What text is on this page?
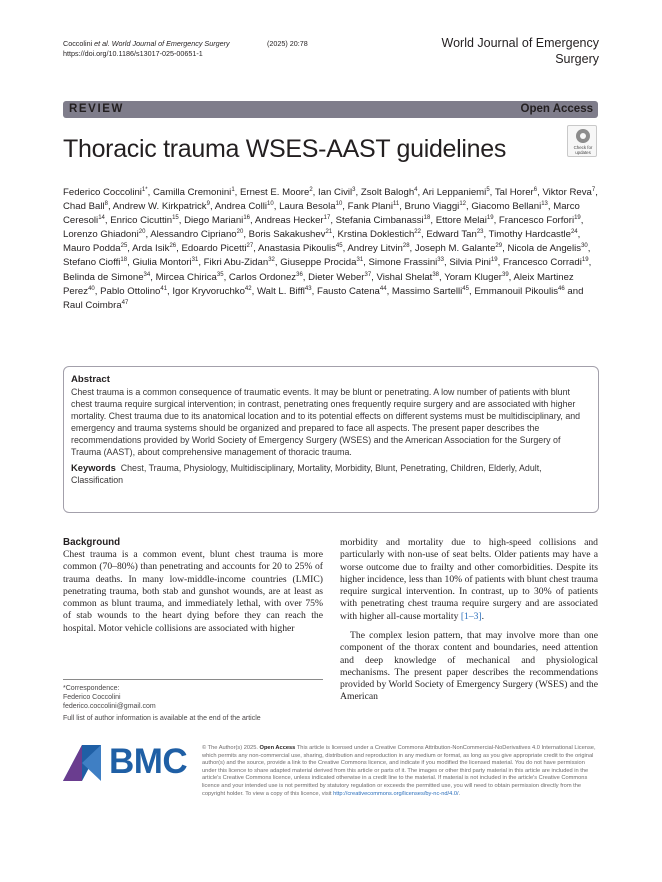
Coccolini et al. World Journal of Emergency Surgery
https://doi.org/10.1186/s13017-025-00651-1
(2025) 20:78	World Journal of Emergency
Surgery
REVIEW	Open Access
Thoracic trauma WSES-AAST guidelines	Check for
updates
Federico Coccolini$^{1*}$, Camilla Cremonini$^1$, Ernest E. Moore$^2$, Ian Civil$^3$, Zsolt Balogh$^4$, Ari Leppaniemi$^5$, Tal Horer$^6$, Viktor Reva$^7$, Chad Ball$^8$, Andrew W. Kirkpatrick$^9$, Andrea Colli$^{10}$, Laura Besola$^{10}$, Fank Plani$^{11}$, Bruno Viaggi$^{12}$, Giacomo Bellani$^{13}$, Marco Ceresoli$^{14}$, Enrico Cicuttin$^{15}$, Diego Mariani$^{16}$, Andreas Hecker$^{17}$, Stefania Cimbanassi$^{18}$, Ettore Melai$^{19}$, Francesco Forfori$^{19}$, Lorenzo Ghiadoni$^{20}$, Alessandro Cipriano$^{20}$, Boris Sakakushev$^{21}$, Krstina Doklestich$^{22}$, Edward Tan$^{23}$, Timothy Hardcastle$^{24}$, Mauro Podda$^{25}$, Arda Isik$^{26}$, Edoardo Picetti$^{27}$, Anastasia Pikoulis$^{45}$, Andrey Litvin$^{28}$, Joseph M. Galante$^{29}$, Nicola de Angelis$^{30}$, Stefano Cioffi$^{18}$, Giulia Montori$^{31}$, Fikri Abu-Zidan$^{32}$, Giuseppe Procida$^{31}$, Simone Frassini$^{33}$, Silvia Pini$^{19}$, Francesco Corradi$^{19}$, Belinda de Simone$^{34}$, Mircea Chirica$^{35}$, Carlos Ordonez$^{36}$, Dieter Weber$^{37}$, Vishal Shelat$^{38}$, Yoram Kluger$^{39}$, Aleix Martinez Perez$^{40}$, Pablo Ottolino$^{41}$, Igor Kryvoruchko$^{42}$, Walt L. Biffl$^{43}$, Fausto Catena$^{44}$, Massimo Sartelli$^{45}$, Emmanouil Pikoulis$^{46}$ and Raul Coimbra$^{47}$
Abstract
Chest trauma is a common consequence of traumatic events. It may be blunt or penetrating. A low number of patients with blunt chest trauma require surgical intervention; in contrast, penetrating ones frequently require surgery and are associated with higher mortality. Chest trauma due to its anatomical location and to its potential effects on different systems must be multidisciplinary, and emergency and trauma systems should be organized and prepared to face all aspects. The present paper describes the recommendations provided by World Society of Emergency Surgery (WSES) and the American Association for the Surgery of Trauma (AAST), about comprehensive management of thoracic trauma.
Keywords Chest, Trauma, Physiology, Multidisciplinary, Mortality, Morbidity, Blunt, Penetrating, Children, Elderly, Adult, Classification
Background

Chest trauma is a common event, blunt chest trauma is more common (70–80%) than penetrating and accounts for 20 to 25% of trauma deaths. In many low-middle-income countries (LMIC) penetrating trauma, both stab and gunshot wounds, are at least as common as blunt trauma, and immediately lethal, with over 75% of stab wounds to the heart dying before they can reach the hospital. Motor vehicle collisions are associated with higher

morbidity and mortality due to high-speed collisions and particularly with non-use of seat belts. Older patients may have a worse outcome due to frailty and other comorbidities. Despite its higher incidence, less than 10% of patients with blunt chest trauma require surgical intervention. In contrast, up to 30% of patients with penetrating chest trauma require surgery and are associated with higher all-cause mortality [1–3].

The complex lesion pattern, that may involve more than one component of the thorax content and boundaries, need attention and deep knowledge of mechanical and physiological mechanisms. The present paper describes the recommendations provided by World Society of Emergency Surgery (WSES) and the American

*Correspondence:
Federico Coccolini
federico.coccolini@gmail.com
Full list of author information is available at the end of the article
BMC	© The Author(s) 2025. Open Access This article is licensed under a Creative Commons Attribution-NonCommercial-NoDerivatives 4.0 International License, which permits any non-commercial use, sharing, distribution and reproduction in any medium or format, as long as you give appropriate credit to the original author(s) and the source, provide a link to the Creative Commons licence, and indicate if you modified the licensed material. You do not have permission under this licence to share adapted material derived from this article or parts of it. The images or other third party material in this article are included in the article's Creative Commons licence, unless indicated otherwise in a credit line to the material. If material is not included in the article's Creative Commons licence and your intended use is not permitted by statutory regulation or exceeds the permitted use, you will need to obtain permission directly from the copyright holder. To view a copy of this licence, visit http://creativecommons.org/licenses/by-nc-nd/4.0/.
